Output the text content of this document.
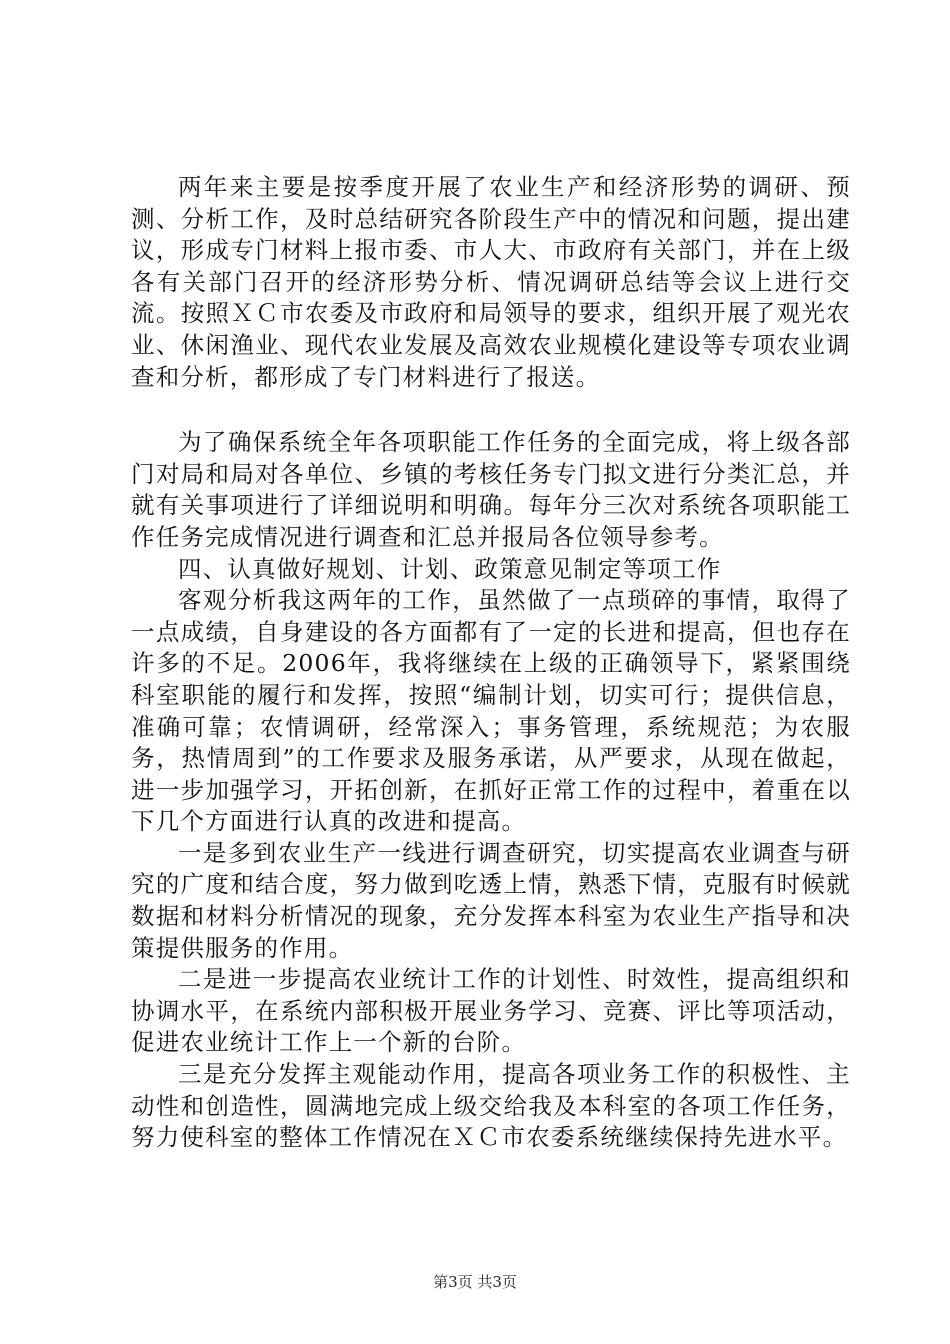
两年来主要是按季度开展了农业生产和经济形势的调研、预测、分析工作，及时总结研究各阶段生产中的情况和问题，提出建议，形成专门材料上报市委、市人大、市政府有关部门，并在上级各有关部门召开的经济形势分析、情况调研总结等会议上进行交流。按照ＸＣ市农委及市政府和局领导的要求，组织开展了观光农业、休闲渔业、现代农业发展及高效农业规模化建设等专项农业调查和分析，都形成了专门材料进行了报送。

为了确保系统全年各项职能工作任务的全面完成，将上级各部门对局和局对各单位、乡镇的考核任务专门拟文进行分类汇总，并就有关事项进行了详细说明和明确。每年分三次对系统各项职能工作任务完成情况进行调查和汇总并报局各位领导参考。

四、认真做好规划、计划、政策意见制定等项工作

客观分析我这两年的工作，虽然做了一点琐碎的事情，取得了一点成绩，自身建设的各方面都有了一定的长进和提高，但也存在许多的不足。2006年，我将继续在上级的正确领导下，紧紧围绕科室职能的履行和发挥，按照“编制计划，切实可行；提供信息，准确可靠；农情调研，经常深入；事务管理，系统规范；为农服务，热情周到”的工作要求及服务承诺，从严要求，从现在做起，进一步加强学习，开拓创新，在抓好正常工作的过程中，着重在以下几个方面进行认真的改进和提高。

一是多到农业生产一线进行调查研究，切实提高农业调查与研究的广度和结合度，努力做到吃透上情，熟悉下情，克服有时候就数据和材料分析情况的现象，充分发挥本科室为农业生产指导和决策提供服务的作用。

二是进一步提高农业统计工作的计划性、时效性，提高组织和协调水平，在系统内部积极开展业务学习、竞赛、评比等项活动，促进农业统计工作上一个新的台阶。

三是充分发挥主观能动作用，提高各项业务工作的积极性、主动性和创造性，圆满地完成上级交给我及本科室的各项工作任务，努力使科室的整体工作情况在ＸＣ市农委系统继续保持先进水平。

第3页 共3页
